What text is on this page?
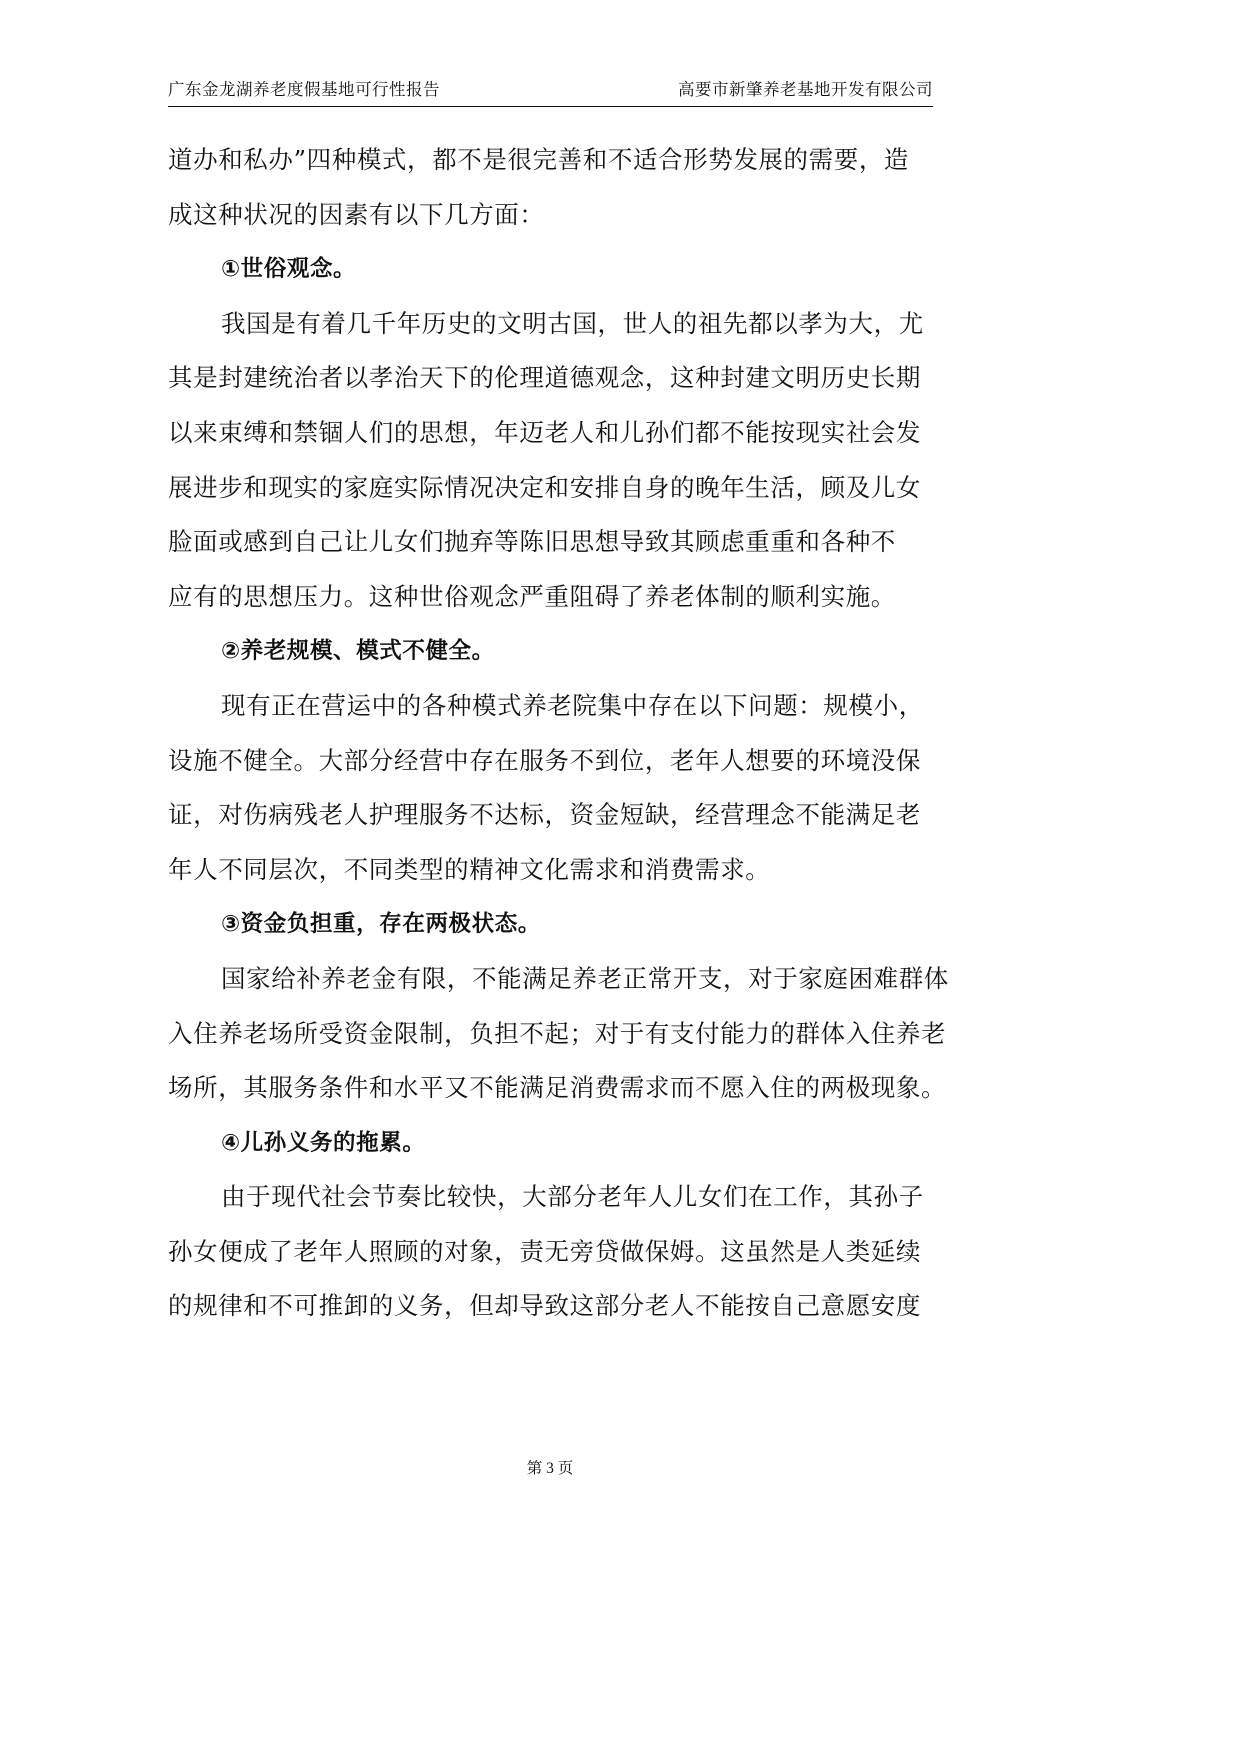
广东金龙湖养老度假基地可行性报告	高要市新肇养老基地开发有限公司
道办和私办”四种模式，都不是很完善和不适合形势发展的需要，造
成这种状况的因素有以下几方面：
①世俗观念。
我国是有着几千年历史的文明古国，世人的祖先都以孝为大，尤
其是封建统治者以孝治天下的伦理道德观念，这种封建文明历史长期
以来束缚和禁锢人们的思想，年迈老人和儿孙们都不能按现实社会发
展进步和现实的家庭实际情况决定和安排自身的晚年生活，顾及儿女
脸面或感到自己让儿女们抛弃等陈旧思想导致其顾虑重重和各种不
应有的思想压力。这种世俗观念严重阻碍了养老体制的顺利实施。
②养老规模、模式不健全。
现有正在营运中的各种模式养老院集中存在以下问题：规模小，
设施不健全。大部分经营中存在服务不到位，老年人想要的环境没保
证，对伤病残老人护理服务不达标，资金短缺，经营理念不能满足老
年人不同层次，不同类型的精神文化需求和消费需求。
③资金负担重，存在两极状态。
国家给补养老金有限，不能满足养老正常开支，对于家庭困难群体
入住养老场所受资金限制，负担不起；对于有支付能力的群体入住养老
场所，其服务条件和水平又不能满足消费需求而不愿入住的两极现象。
④儿孙义务的拖累。
由于现代社会节奏比较快，大部分老年人儿女们在工作，其孙子
孙女便成了老年人照顾的对象，责无旁贷做保姆。这虽然是人类延续
的规律和不可推卸的义务，但却导致这部分老人不能按自己意愿安度
第 3 页
